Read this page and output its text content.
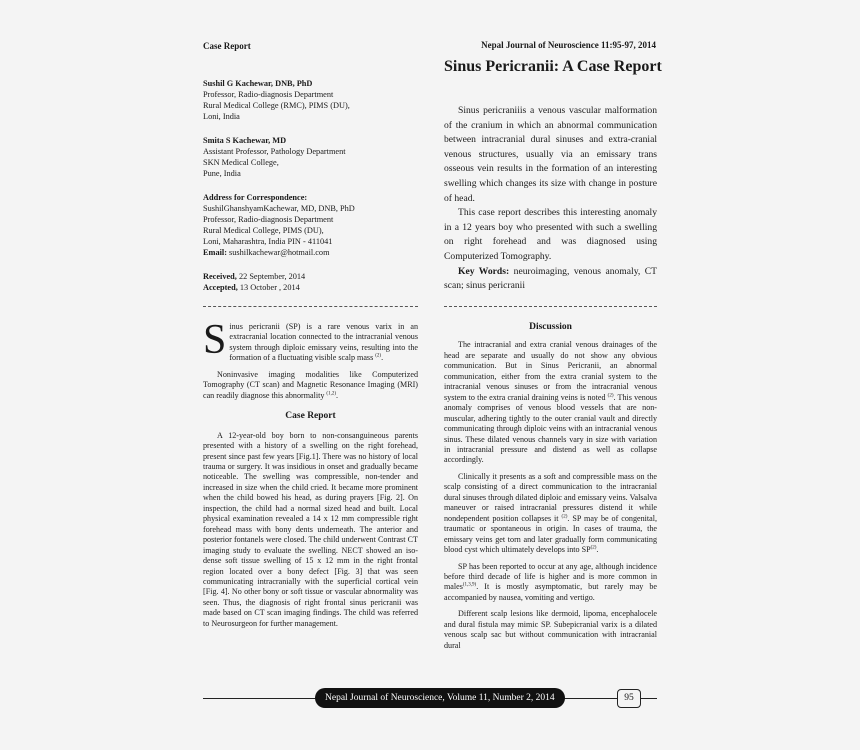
Case Report	Nepal Journal of Neuroscience 11:95-97, 2014
Sushil G Kachewar, DNB, PhD
Professor, Radio-diagnosis Department
Rural Medical College (RMC), PIMS (DU),
Loni, India
Smita S Kachewar, MD
Assistant Professor, Pathology Department
SKN Medical College,
Pune, India
Address for Correspondence:
SushilGhanshyamKachewar, MD, DNB, PhD
Professor, Radio-diagnosis Department
Rural Medical College, PIMS (DU),
Loni, Maharashtra, India PIN - 411041
Email: sushilkachewar@hotmail.com
Received, 22 September, 2014
Accepted, 13 October , 2014
Sinus Pericranii: A Case Report

Sinus pericraniiis a venous vascular malformation of the cranium in which an abnormal communication between intracranial dural sinuses and extra-cranial venous structures, usually via an emissary trans osseous vein results in the formation of an interesting swelling which changes its size with change in posture of head.

This case report describes this interesting anomaly in a 12 years boy who presented with such a swelling on right forehead and was diagnosed using Computerized Tomography.

Key Words: neuroimaging, venous anomaly, CT scan; sinus pericranii

Sinus pericranii (SP) is a rare venous varix in an extracranial location connected to the intracranial venous system through diploic emissary veins, resulting into the formation of a fluctuating visible scalp mass $^{(2)}$.

Noninvasive imaging modalities like Computerized Tomography (CT scan) and Magnetic Resonance Imaging (MRI) can readily diagnose this abnormality $^{(1,2)}$.

Case Report

A 12-year-old boy born to non-consanguineous parents presented with a history of a swelling on the right forehead, present since past few years [Fig.1]. There was no history of local trauma or surgery. It was insidious in onset and gradually became noticeable. The swelling was compressible, non-tender and increased in size when the child cried. It became more prominent when the child bowed his head, as during prayers [Fig. 2]. On inspection, the child had a normal sized head and built. Local physical examination revealed a 14 x 12 mm compressible right forehead mass with bony dents underneath. The anterior and posterior fontanels were closed. The child underwent Contrast CT imaging study to evaluate the swelling. NECT showed an iso-dense soft tissue swelling of 15 x 12 mm in the right frontal region located over a bony defect [Fig. 3] that was seen communicating intracranially with the superficial cortical vein [Fig. 4]. No other bony or soft tissue or vascular abnormality was seen. Thus, the diagnosis of right frontal sinus pericranii was made based on CT scan imaging findings. The child was referred to Neurosurgeon for further management.

Discussion

The intracranial and extra cranial venous drainages of the head are separate and usually do not show any obvious communication. But in Sinus Pericranii, an abnormal communication, either from the extra cranial system to the intracranial venous sinuses or from the intracranial venous system to the extra cranial draining veins is noted $^{(2)}$. This venous anomaly comprises of venous blood vessels that are non-muscular, adhering tightly to the outer cranial vault and directly communicating through diploic veins with an intracranial venous sinus. These dilated venous channels vary in size with variation in intracranial pressure and distend as well as collapse accordingly.

Clinically it presents as a soft and compressible mass on the scalp consisting of a direct communication to the intracranial dural sinuses through dilated diploic and emissary veins. Valsalva maneuver or raised intracranial pressures distend it while nondependent position collapses it $^{(2)}$. SP may be of congenital, traumatic or spontaneous in origin. In cases of trauma, the emissary veins get torn and later gradually form communicating blood cyst which ultimately develops into SP$^{(2)}$.

SP has been reported to occur at any age, although incidence before third decade of life is higher and is more common in males$^{(1,3,9)}$. It is mostly asymptomatic, but rarely may be accompanied by nausea, vomiting and vertigo.

Different scalp lesions like dermoid, lipoma, encephalocele and dural fistula may mimic SP. Subepicranial varix is a dilated venous scalp sac but without communication with intracranial dural

Nepal Journal of Neuroscience, Volume 11, Number 2, 2014	95
